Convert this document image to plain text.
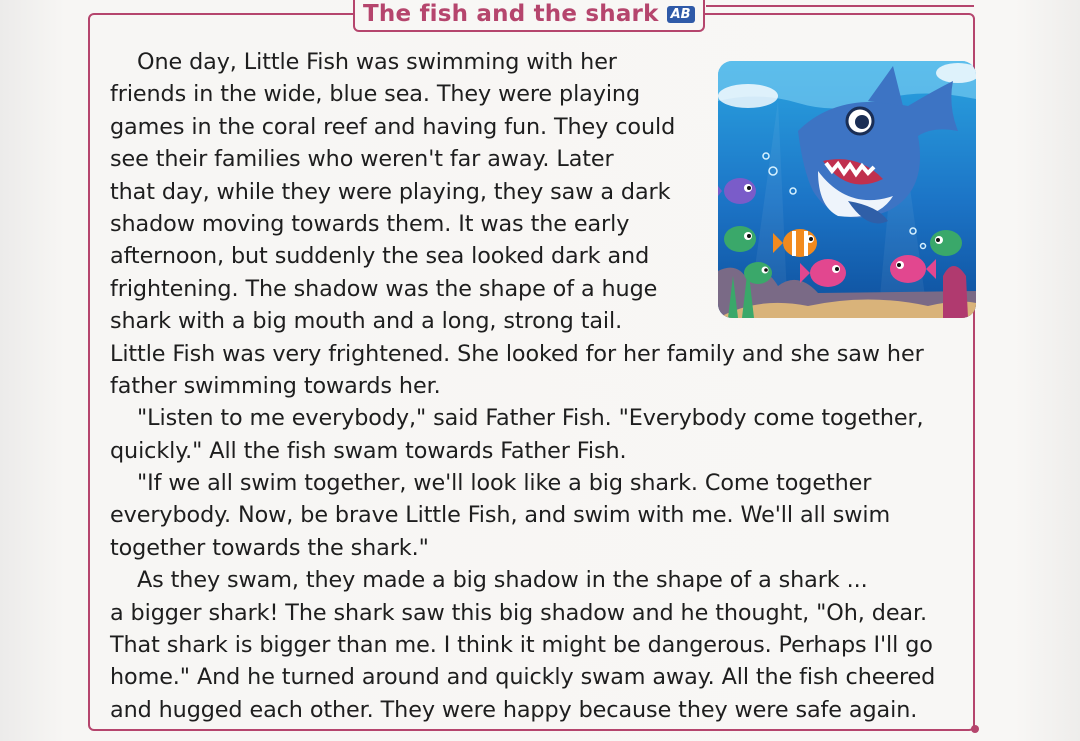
The fish and the shark AB
One day, Little Fish was swimming with her
friends in the wide, blue sea. They were playing
games in the coral reef and having fun. They could
see their families who weren't far away. Later
that day, while they were playing, they saw a dark
shadow moving towards them. It was the early
afternoon, but suddenly the sea looked dark and
frightening. The shadow was the shape of a huge
shark with a big mouth and a long, strong tail.
Little Fish was very frightened. She looked for her family and she saw her
father swimming towards her.
"Listen to me everybody," said Father Fish. "Everybody come together,
quickly." All the fish swam towards Father Fish.
"If we all swim together, we'll look like a big shark. Come together
everybody. Now, be brave Little Fish, and swim with me. We'll all swim
together towards the shark."
As they swam, they made a big shadow in the shape of a shark ...
a bigger shark! The shark saw this big shadow and he thought, "Oh, dear.
That shark is bigger than me. I think it might be dangerous. Perhaps I'll go
home." And he turned around and quickly swam away. All the fish cheered
and hugged each other. They were happy because they were safe again.
